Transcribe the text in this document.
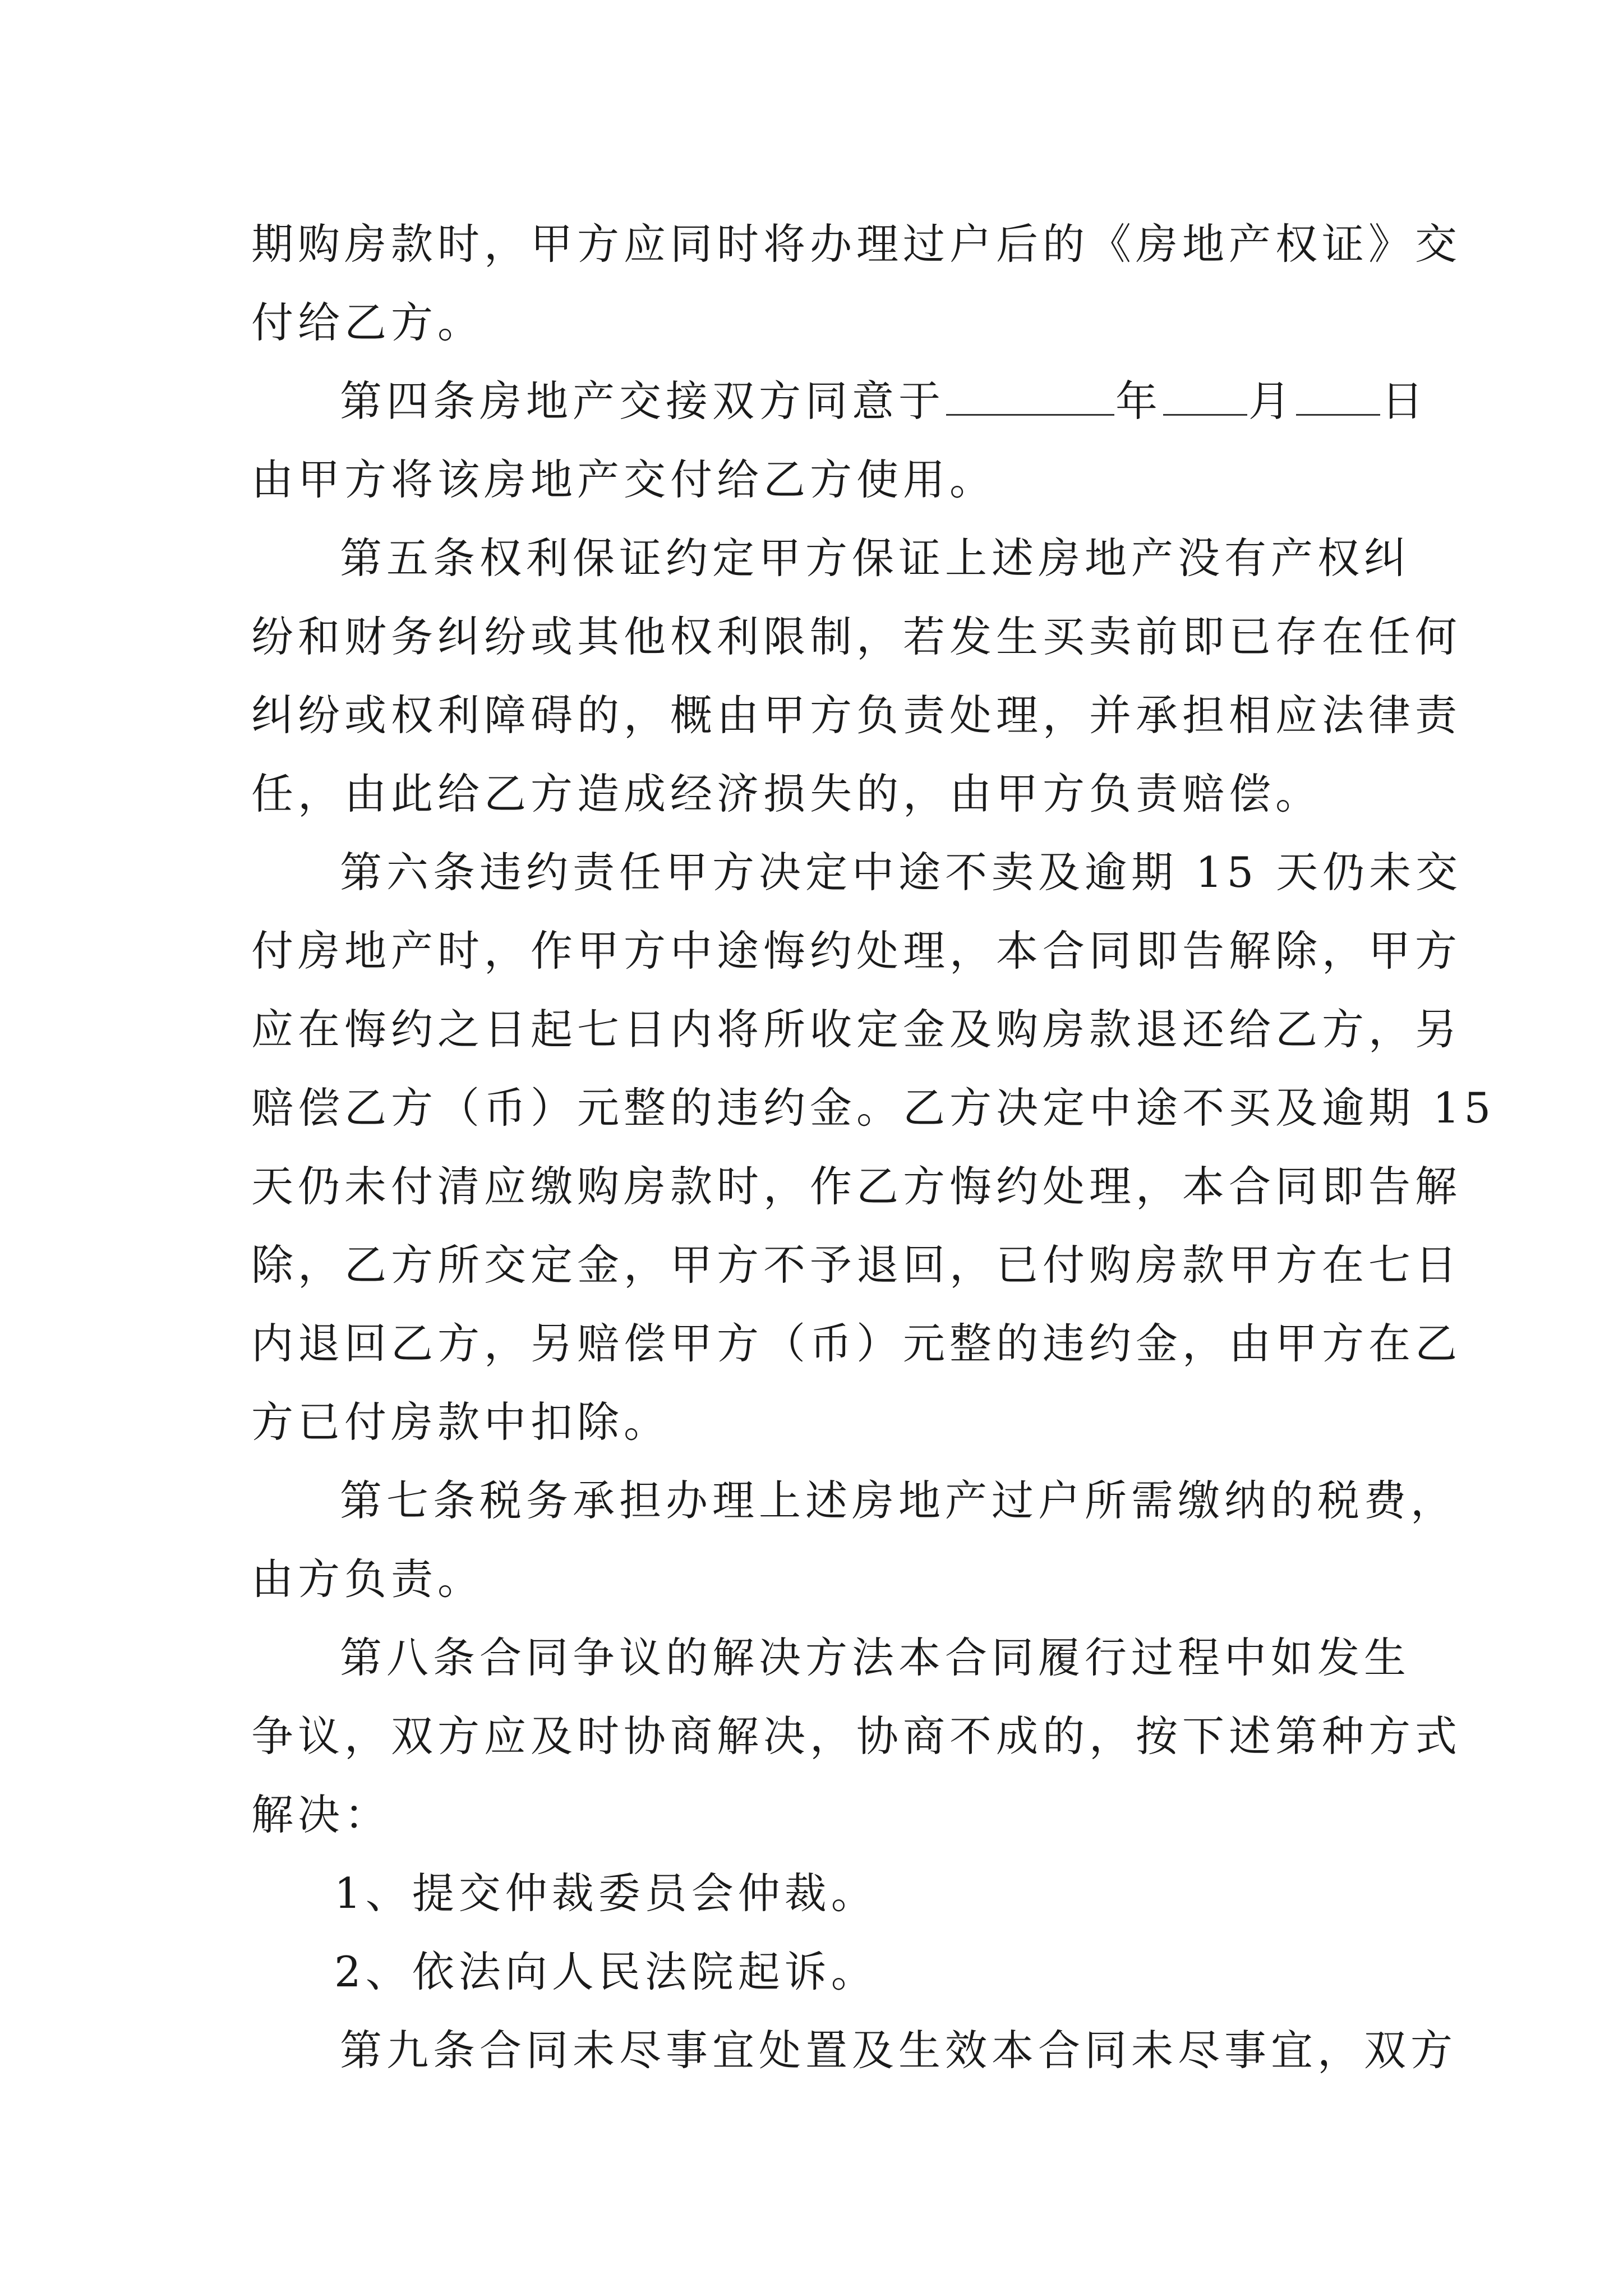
期购房款时，甲方应同时将办理过户后的《房地产权证》交
付给乙方。
第四条房地产交接双方同意于	年 月 日
由甲方将该房地产交付给乙方使用。
第五条权利保证约定甲方保证上述房地产没有产权纠
纷和财务纠纷或其他权利限制，若发生买卖前即已存在任何
纠纷或权利障碍的，概由甲方负责处理，并承担相应法律责
任，由此给乙方造成经济损失的，由甲方负责赔偿。
第六条违约责任甲方决定中途不卖及逾期 15 天仍未交
付房地产时，作甲方中途悔约处理，本合同即告解除，甲方
应在悔约之日起七日内将所收定金及购房款退还给乙方，另
赔偿乙方（币）元整的违约金。乙方决定中途不买及逾期 15
天仍未付清应缴购房款时，作乙方悔约处理，本合同即告解
除，乙方所交定金，甲方不予退回，已付购房款甲方在七日
内退回乙方，另赔偿甲方（币）元整的违约金，由甲方在乙
方已付房款中扣除。
第七条税务承担办理上述房地产过户所需缴纳的税费，
由方负责。
第八条合同争议的解决方法本合同履行过程中如发生
争议，双方应及时协商解决，协商不成的，按下述第种方式
解决：
1、提交仲裁委员会仲裁。
2、依法向人民法院起诉。
第九条合同未尽事宜处置及生效本合同未尽事宜，双方
